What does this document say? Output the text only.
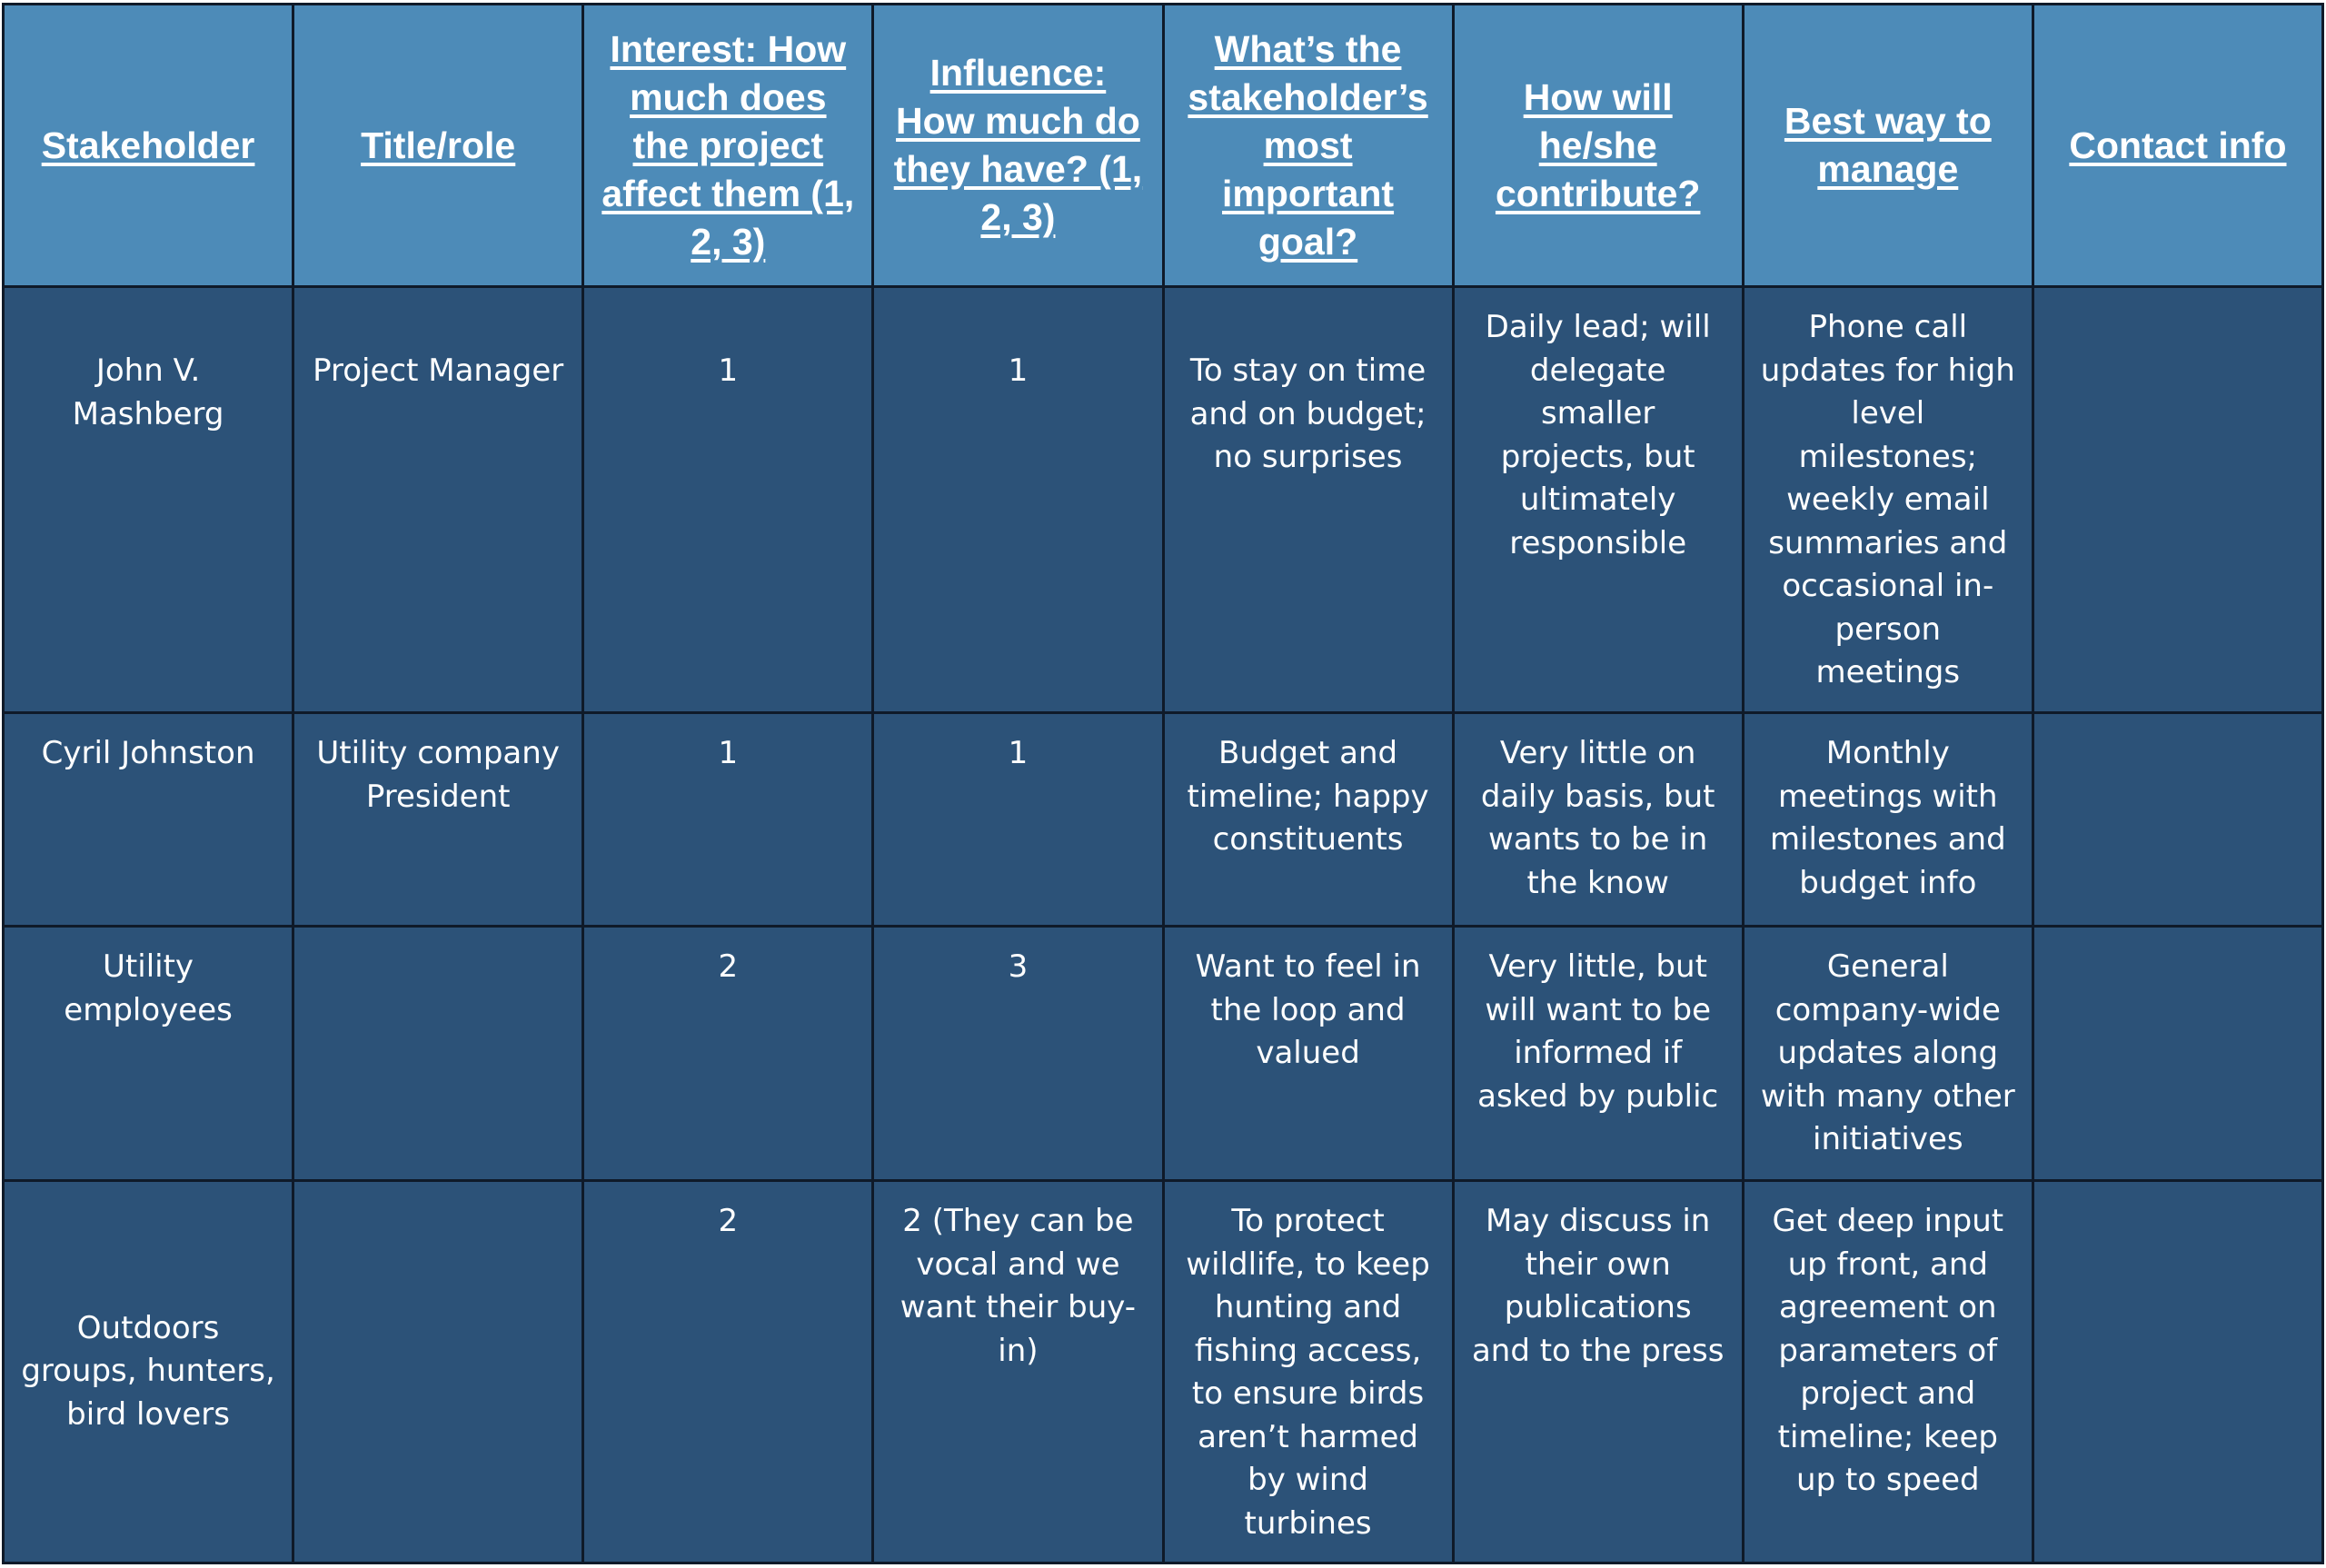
Stakeholder	Title/role	Interest: How much does the project affect them (1, 2, 3)	Influence: How much do they have? (1, 2, 3)	What’s the stakeholder’s most important goal?	How will he/she contribute?	Best way to manage	Contact info
John V. Mashberg	Project Manager	1	1	To stay on time and on budget; no surprises	Daily lead; will delegate smaller projects, but ultimately responsible	Phone call updates for high level milestones; weekly email summaries and occasional in-person meetings	
Cyril Johnston	Utility company President	1	1	Budget and timeline; happy constituents	Very little on daily basis, but wants to be in the know	Monthly meetings with milestones and budget info	
Utility employees		2	3	Want to feel in the loop and valued	Very little, but will want to be informed if asked by public	General company-wide updates along with many other initiatives	
Outdoors groups, hunters, bird lovers		2	2 (They can be vocal and we want their buy-in)	To protect wildlife, to keep hunting and fishing access, to ensure birds aren’t harmed by wind turbines	May discuss in their own publications and to the press	Get deep input up front, and agreement on parameters of project and timeline; keep up to speed	
